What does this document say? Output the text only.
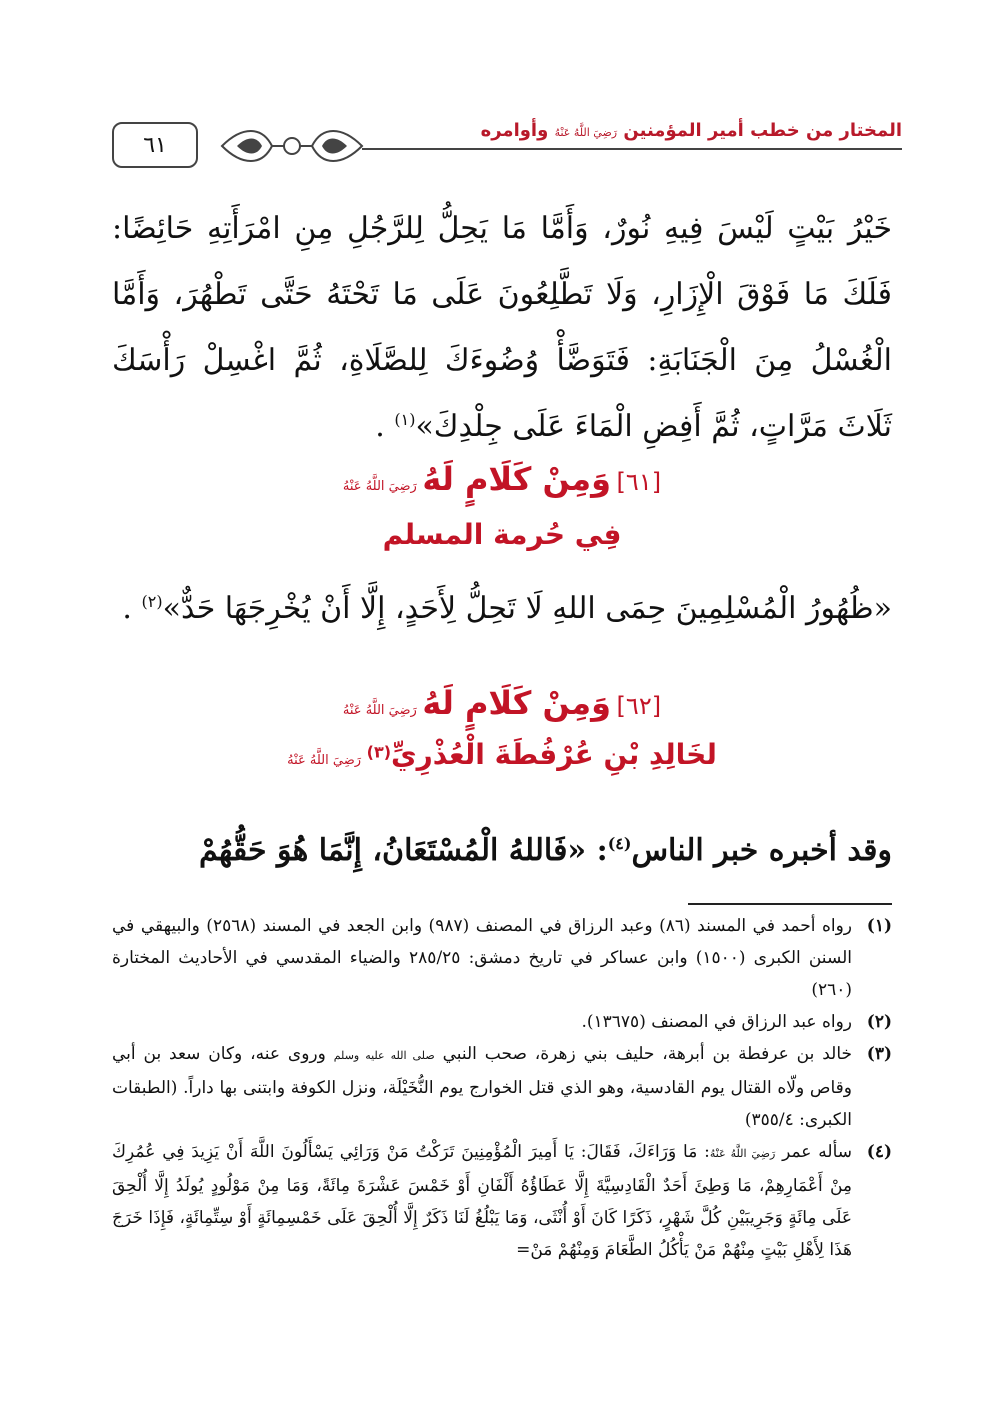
٦١
المختار من خطب أمير المؤمنين رَضِيَ اللَّهُ عَنْهُ وأوامره
خَيْرُ بَيْتٍ لَيْسَ فِيهِ نُورٌ، وَأَمَّا مَا يَحِلُّ لِلرَّجُلِ مِنِ امْرَأَتِهِ حَائِضًا: فَلَكَ مَا فَوْقَ الْإِزَارِ، وَلَا تَطَّلِعُونَ عَلَى مَا تَحْتَهُ حَتَّى تَطْهُرَ، وَأَمَّا الْغُسْلُ مِنَ الْجَنَابَةِ: فَتَوَضَّأْ وُضُوءَكَ لِلصَّلَاةِ، ثُمَّ اغْسِلْ رَأْسَكَ ثَلَاثَ مَرَّاتٍ، ثُمَّ أَفِضِ الْمَاءَ عَلَى جِلْدِكَ»$^{(١)}$ .
[٦١] وَمِنْ كَلَامٍ لَهُ رَضِيَ اللَّهُ عَنْهُ
فِي حُرمة المسلم
«ظُهُورُ الْمُسْلِمِينَ حِمَى اللهِ لَا تَحِلُّ لِأَحَدٍ، إِلَّا أَنْ يُخْرِجَهَا حَدٌّ»$^{(٢)}$ .
[٦٢] وَمِنْ كَلَامٍ لَهُ رَضِيَ اللَّهُ عَنْهُ
لخَالِدِ بْنِ عُرْفُطَةَ الْعُذْرِيِّ$^{(٣)}$ رَضِيَ اللَّهُ عَنْهُ
وقد أخبره خبر الناس$^{(٤)}$: «فَاللهُ الْمُسْتَعَانُ، إِنَّمَا هُوَ حَقُّهُمْ
(١)
رواه أحمد في المسند (٨٦) وعبد الرزاق في المصنف (٩٨٧) وابن الجعد في المسند (٢٥٦٨) والبيهقي في السنن الكبرى (١٥٠٠) وابن عساكر في تاريخ دمشق: ٢٨٥/٢٥ والضياء المقدسي في الأحاديث المختارة (٢٦٠)
(٢)
رواه عبد الرزاق في المصنف (١٣٦٧٥).
(٣)
خالد بن عرفطة بن أبرهة، حليف بني زهرة، صحب النبي صلى الله عليه وسلم وروى عنه، وكان سعد بن أبي وقاص ولّاه القتال يوم القادسية، وهو الذي قتل الخوارج يوم النُّخَيْلَة، ونزل الكوفة وابتنى بها داراً. (الطبقات الكبرى: ٣٥٥/٤)
(٤)
سأله عمر رَضِيَ اللَّهُ عَنْهُ: مَا وَرَاءَكَ، فَقَالَ: يَا أَمِيرَ الْمُؤْمِنِينَ تَرَكْتُ مَنْ وَرَائِي يَسْأَلُونَ اللَّهَ أَنْ يَزِيدَ فِي عُمُرِكَ مِنْ أَعْمَارِهِمْ، مَا وَطِئَ أَحَدٌ الْقَادِسِيَّةَ إِلَّا عَطَاؤُهُ أَلْفَانِ أَوْ خَمْسَ عَشْرَةَ مِائَةً، وَمَا مِنْ مَوْلُودٍ يُولَدُ إِلَّا أُلْحِقَ عَلَى مِائَةٍ وَجَرِيبَيْنِ كُلَّ شَهْرٍ، ذَكَرًا كَانَ أَوْ أُنْثَى، وَمَا يَبْلُغُ لَنَا ذَكَرٌ إِلَّا أُلْحِقَ عَلَى خَمْسِمِائَةٍ أَوْ سِتِّمِائَةٍ، فَإِذَا خَرَجَ هَذَا لِأَهْلِ بَيْتٍ مِنْهُمْ مَنْ يَأْكُلُ الطَّعَامَ وَمِنْهُمْ مَنْ=
